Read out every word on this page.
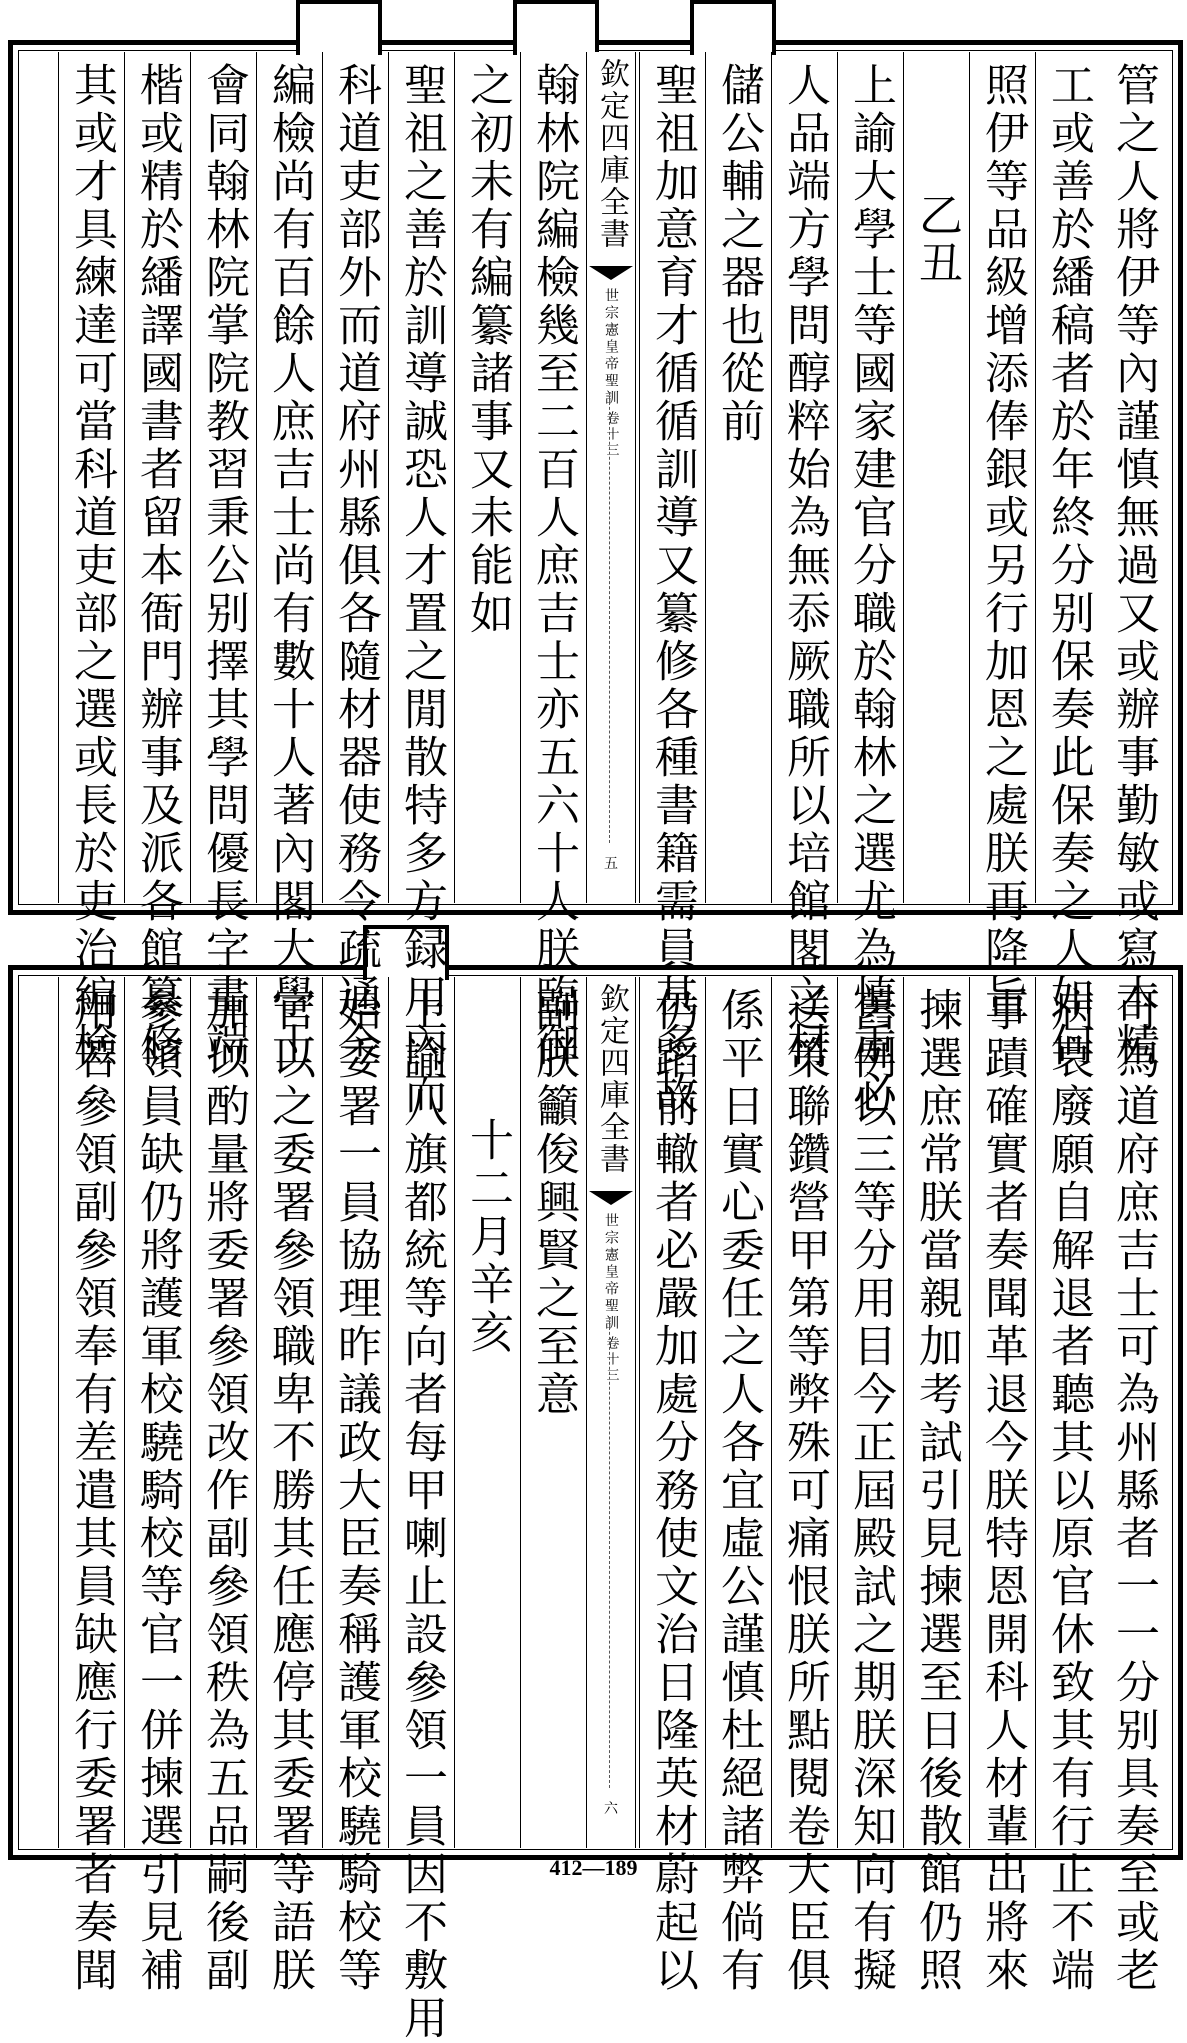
管之人將伊等內謹慎無過又或辦事勤敏或寫本精
工或善於繙稿者於年終分别保奏此保奏之人如何
照伊等品級增添俸銀或另行加恩之處朕再降旨
乙丑
上諭大學士等國家建官分職於翰林之選尤為慎重必
人品端方學問醇粹始為無忝厥職所以培館閣之材
儲公輔之器也從前
聖祖加意育才循循訓導又纂修各種書籍需員甚多故
欽定四庫全書
世宗憲皇帝聖訓
卷十三
五
翰林院編檢幾至二百人庶吉士亦五六十人朕臨御
之初未有編纂諸事又未能如
聖祖之善於訓導誠恐人才置之閒散特多方録用內而
科道吏部外而道府州縣俱各隨材器使務令疏通今
編檢尚有百餘人庶吉士尚有數十人著內閣大學士
會同翰林院掌院教習秉公别擇其學問優長字畫端
楷或精於繙譯國書者留本衙門辦事及派各館纂修
其或才具練達可當科道吏部之選或長於吏治編檢
可為道府庶吉士可為州縣者一一分别具奏至或老
病衰廢願自解退者聽其以原官休致其有行止不端
事蹟確實者奏聞革退今朕特恩開科人材輩出將來
揀選庶常朕當親加考試引見揀選至日後散館仍照
舊例以三等分用目今正屆殿試之期朕深知向有擬
送策聯鑽營甲第等弊殊可痛恨朕所點閱卷大臣俱
係平日實心委任之人各宜虛公謹慎杜絕諸弊倘有
仍蹈前轍者必嚴加處分務使文治日隆英材蔚起以
欽定四庫全書
世宗憲皇帝聖訓
卷十三
六
副朕籲俊興賢之至意
十二月辛亥
上諭八旗都統等向者每甲喇止設參領一員因不敷用
始委署一員協理昨議政大臣奏稱護軍校驍騎校等
官以之委署參領職卑不勝其任應停其委署等語朕
加以酌量將委署參領改作副參領秩為五品嗣後副
參領員缺仍將護軍校驍騎校等官一併揀選引見補
用若參領副參領奉有差遣其員缺應行委署者奏聞	412—189
